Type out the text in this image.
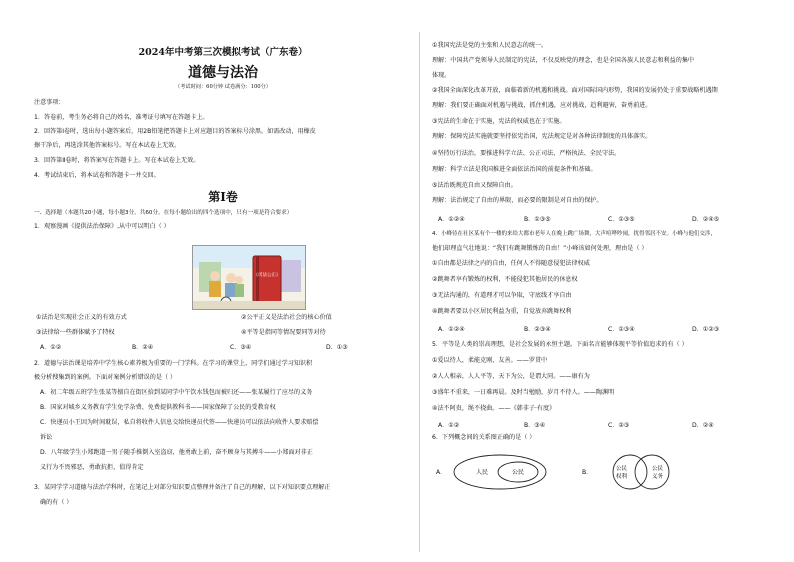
2024年中考第三次模拟考试（广东卷）
道德与法治
（考试时间：60分钟 试卷满分：100分）
注意事项：
1．答卷前，考生务必将自己的姓名、准考证号填写在答题卡上。
2．回答第Ⅰ卷时，选出每小题答案后，用2B铅笔把答题卡上对应题目的答案标号涂黑。如需改动，用橡皮
擦干净后，再选涂其他答案标号。写在本试卷上无效。
3．回答第Ⅱ卷时，将答案写在答题卡上。写在本试卷上无效。
4．考试结束后，将本试卷和答题卡一并交回。
第Ⅰ卷
一、选择题（本题共20小题，每小题3分，共60分。在每小题给出的四个选项中，只有一项是符合要求）
1．观察漫画《提供法治保障》,从中可以明白（ ）
《司法公正》
①法治是实现社会正义的有效方式	②公平正义是法治社会的核心价值
③法律给一些群体赋予了特权	④平等是指同等情况要同等对待
A．①②	B．②④	C．③④	D．①③
2．道德与法治课是培养中学生核心素养极为重要的一门学科。在学习的课堂上，同学们通过学习知识积
极分析搜集到的案例。下面对案例分析错误的是（ ）
A．初二年级五班学生张某等擅自在街区拾到某同学中午饮水钱包而被归还——张某履行了应尽的义务
B．国家对城乡义务教育学生免学杂费、免费提供教科书——国家保障了公民的受教育权
C．快递员小王因为时间耽误，私自将收件人信息交给快递员代签——快递员可以依法向收件人要求赔偿
诉讼
D．八年级学生小郑跑道一男子随手推倒入室盗窃，他勇敢上前，奋不顾身与其搏斗——小郑面对非正
义行为不畏邪恶，勇敢抗拒，值得肯定
3．某同学学习道德与法治学科时，在笔记上对部分知识要点整理并备注了自己的理解，以下对知识要点理解正
确的有（ ）
①我国宪法是党的主张和人民意志的统一。
理解：中国共产党领导人民制定的宪法，不仅反映党的理念，也是全国各族人民意志和利益的集中
体现。
②我国全面深化改革开放，面临着新的机遇和挑战。面对国际国内形势，我国的发展仍处于重要战略机遇期
理解：我们要正确面对机遇与挑战，抓住机遇，应对挑战，趋利避害，奋勇前进。
③宪法的生命在于实施，宪法的权威也在于实施。
理解：保障宪法实施就要坚持依宪治国，宪法规定是对各种法律制度的具体落实。
④坚持厉行法治，要推进科学立法、公正司法、严格执法、全民守法。
理解：科学立法是我国推进全面依法治国的前提条件和基础。
⑤法治既规范自由又保障自由。
理解：法治规定了自由的界限，而必要的限制是对自由的保护。
A．①②④	B．①③⑤	C．①③⑤	D．②④⑤
4．小峰待在社区某有个一楼的来给大都市老年人在晚上跳广场舞，大声喧哗吵闹，扰得邻居不安。小峰与他们交涉，
他们却理直气壮地说：“我们有跳舞锻炼的自由！”小峰该如何处理，理由是（ ）
①自由都是法律之内的自由，任何人不得随意侵犯法律权威
②跳舞者享有锻炼的权利，不能侵犯其他居民的休息权
③无法沟通的，有道理才可以争取，守底线才享自由
④跳舞者要以小区居民利益为重，自觉放弃跳舞权利
A．①②④	B．②③④	C．①③④	D．①②③
5．平等是人类的崇高理想，是社会发展的永恒主题。下面名言能够体现平等价值追求的有（ ）
①爱以待人，柔能克刚，友善。——罗贯中
②人人相亲，人人平等，天下为公，是谓大同。——康有为
③盛年不重来，一日难再晨。及时当勉励，岁月不待人。——陶渊明
④法不阿贵，绳不挠曲。——《韩非子·有度》
A．①②	B．③④	C．②③	D．②④
6．下列概念间的关系图正确的是（ ）
A．	人民	公民	B．	公民
权利
公民
义务
